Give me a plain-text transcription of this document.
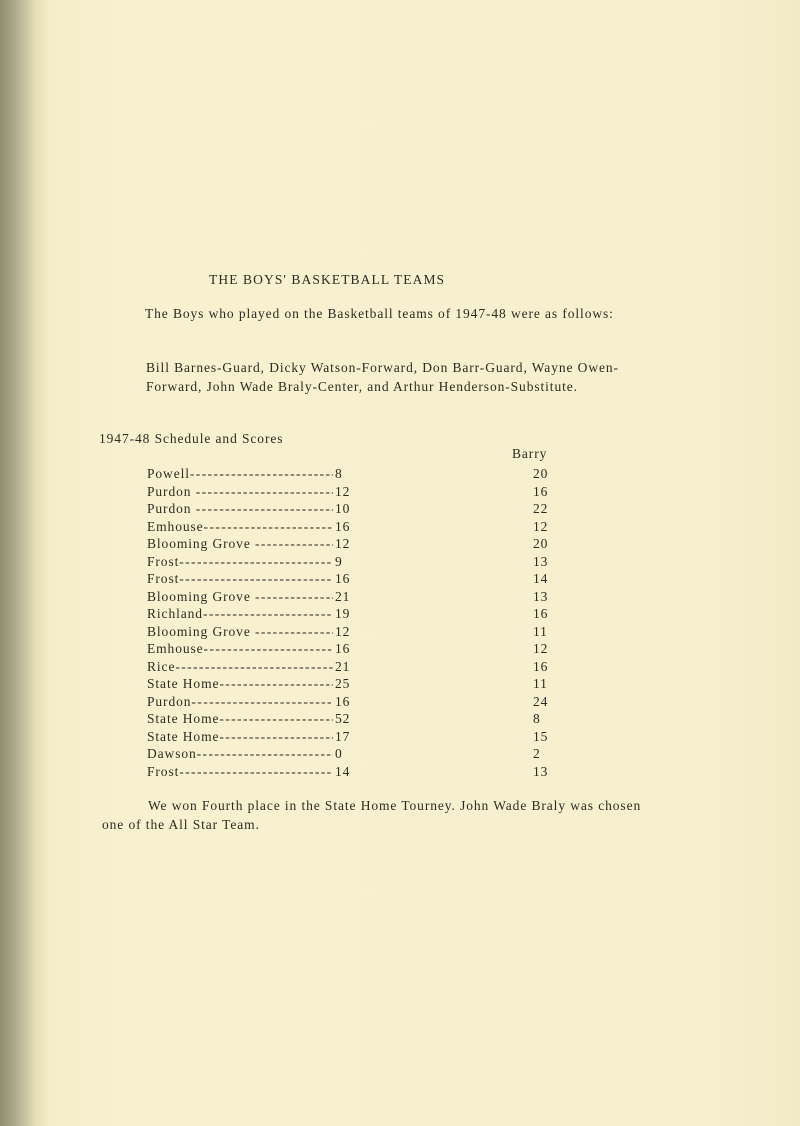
THE BOYS' BASKETBALL TEAMS
The Boys who played on the Basketball teams of 1947-48 were as follows:
Bill Barnes-Guard, Dicky Watson-Forward, Don Barr-Guard, Wayne Owen-Forward, John Wade Braly-Center, and Arthur Henderson-Substitute.
1947-48 Schedule and Scores
Barry
Powell -----	8	20
Purdon -----	12	16
Purdon -----	10	22
Emhouse -----	16	12
Blooming Grove -----	12	20
Frost -----	9	13
Frost -----	16	14
Blooming Grove -----	21	13
Richland -----	19	16
Blooming Grove -----	12	11
Emhouse -----	16	12
Rice -----	21	16
State Home -----	25	11
Purdon -----	16	24
State Home -----	52	8
State Home -----	17	15
Dawson -----	0	2
Frost -----	14	13
We won Fourth place in the State Home Tourney. John Wade Braly was chosen one of the All Star Team.
